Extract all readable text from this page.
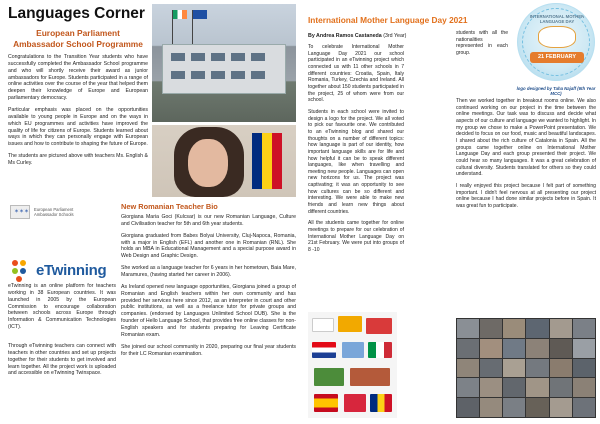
Languages Corner
European Parliament Ambassador School Programme

Congratulations to the Transition Year students who have successfully completed the Ambassador School programme and who will shortly receive their award as junior ambassadors for Europe. Students participated in a range of online activities over the course of the year that helped them deepen their knowledge of Europe and European parliamentary democracy.

Particular emphasis was placed on the opportunities available to young people in Europe and on the ways in which EU programmes and activities have improved the quality of life for citizens of Europe. Students learned about ways in which they can personally engage with European issues and how to contribute to shaping the future of Europe.

The students are pictured above with teachers Ms. English & Ms Curley.

New Romanian Teacher Bio

Giorgiana Maria Goci (Kulcsar) is our new Romanian Language, Culture and Civilisation teacher for 5th and 6th year students.

Giorgiana graduated from Babes Bolyai University, Cluj-Napoca, Romania, with a major in English (EFL) and another one in Romanian (RNL). She holds an MBA in Educational Management and a special purpose award in Web Design and Graphic Design.

She worked as a language teacher for 6 years in her hometown, Baia Mare, Maramures, (having started her career in 2006).

As Ireland opened new language opportunities, Giorgiana joined a group of Romanian and English teachers within her own community and has provided her services here since 2012, as an interpreter in court and other public institutions, as well as a freelance tutor for private groups and companies. (endorsed by Languages Unlimited School DUB). She is the founder of Hello Language School, that provides free online classes for non-English speakers and for students preparing for Leaving Certificate Romanian exam.

She joined our school community in 2020, preparing our final year students for their LC Romanian examination.

✶✶✶ European Parliament Ambassador Schools
eTwinning

eTwinning is an online platform for teachers working in 38 European countries. It was launched in 2005 by the European Commission to encourage collaboration between schools across Europe through Information & Communication Technologies (ICT).

Through eTwinning teachers can connect with teachers in other countries and set up projects together for their students to get involved and learn together. All the project work is uploaded and accessible on eTwinning Twinspace.

International Mother Language Day 2021
By Andrea Ramos Castaneda (3rd Year)

To celebrate International Mother Language Day 2021 our school participated in an eTwinning project which connected us with 11 other schools in 7 different countries: Croatia, Spain, Italy Romania, Turkey, Czechia and Ireland. All together about 150 students participated in the project, 25 of whom were from our school.

Students in each school were invited to design a logo for the project. We all voted to pick our favourite one. We contributed to an eTwinning blog and shared our thoughts on a number of different topics: how language is part of our identity, how important language skills are for life and how helpful it can be to speak different languages, like when travelling and meeting new people. Languages can open new horizons for us. The project was captivating; it was an opportunity to see how cultures can be so different and interesting. We were able to make new friends and learn new things about different countries.

All the students came together for online meetings to prepare for our celebration of International Mother Language Day on 21st February. We were put into groups of 8 -10

students with all the nationalities represented in each group.

INTERNATIONAL MOTHER LANGUAGE DAY
21 FEBRUARY
logo designed by Taha Najaff (6th Year MCC)

Then we worked together in breakout rooms online. We also continued working on our project in the time between the online meetings. Our task was to discuss and decide what aspects of our culture and language we wanted to highlight. In my group we chose to make a PowerPoint presentation. We decided to focus on our food, music and beautiful landscapes. I shared about the rich culture of Catalonia in Spain. All the groups came together online on International Mother Language Day and each group presented their project. We could hear so many languages. It was a great celebration of cultural diversity. Students translated for others so they could understand.

I really enjoyed this project because I felt part of something important. I didn't feel nervous at all presenting our project online because I had done similar projects before in Spain. It was great fun to participate.
